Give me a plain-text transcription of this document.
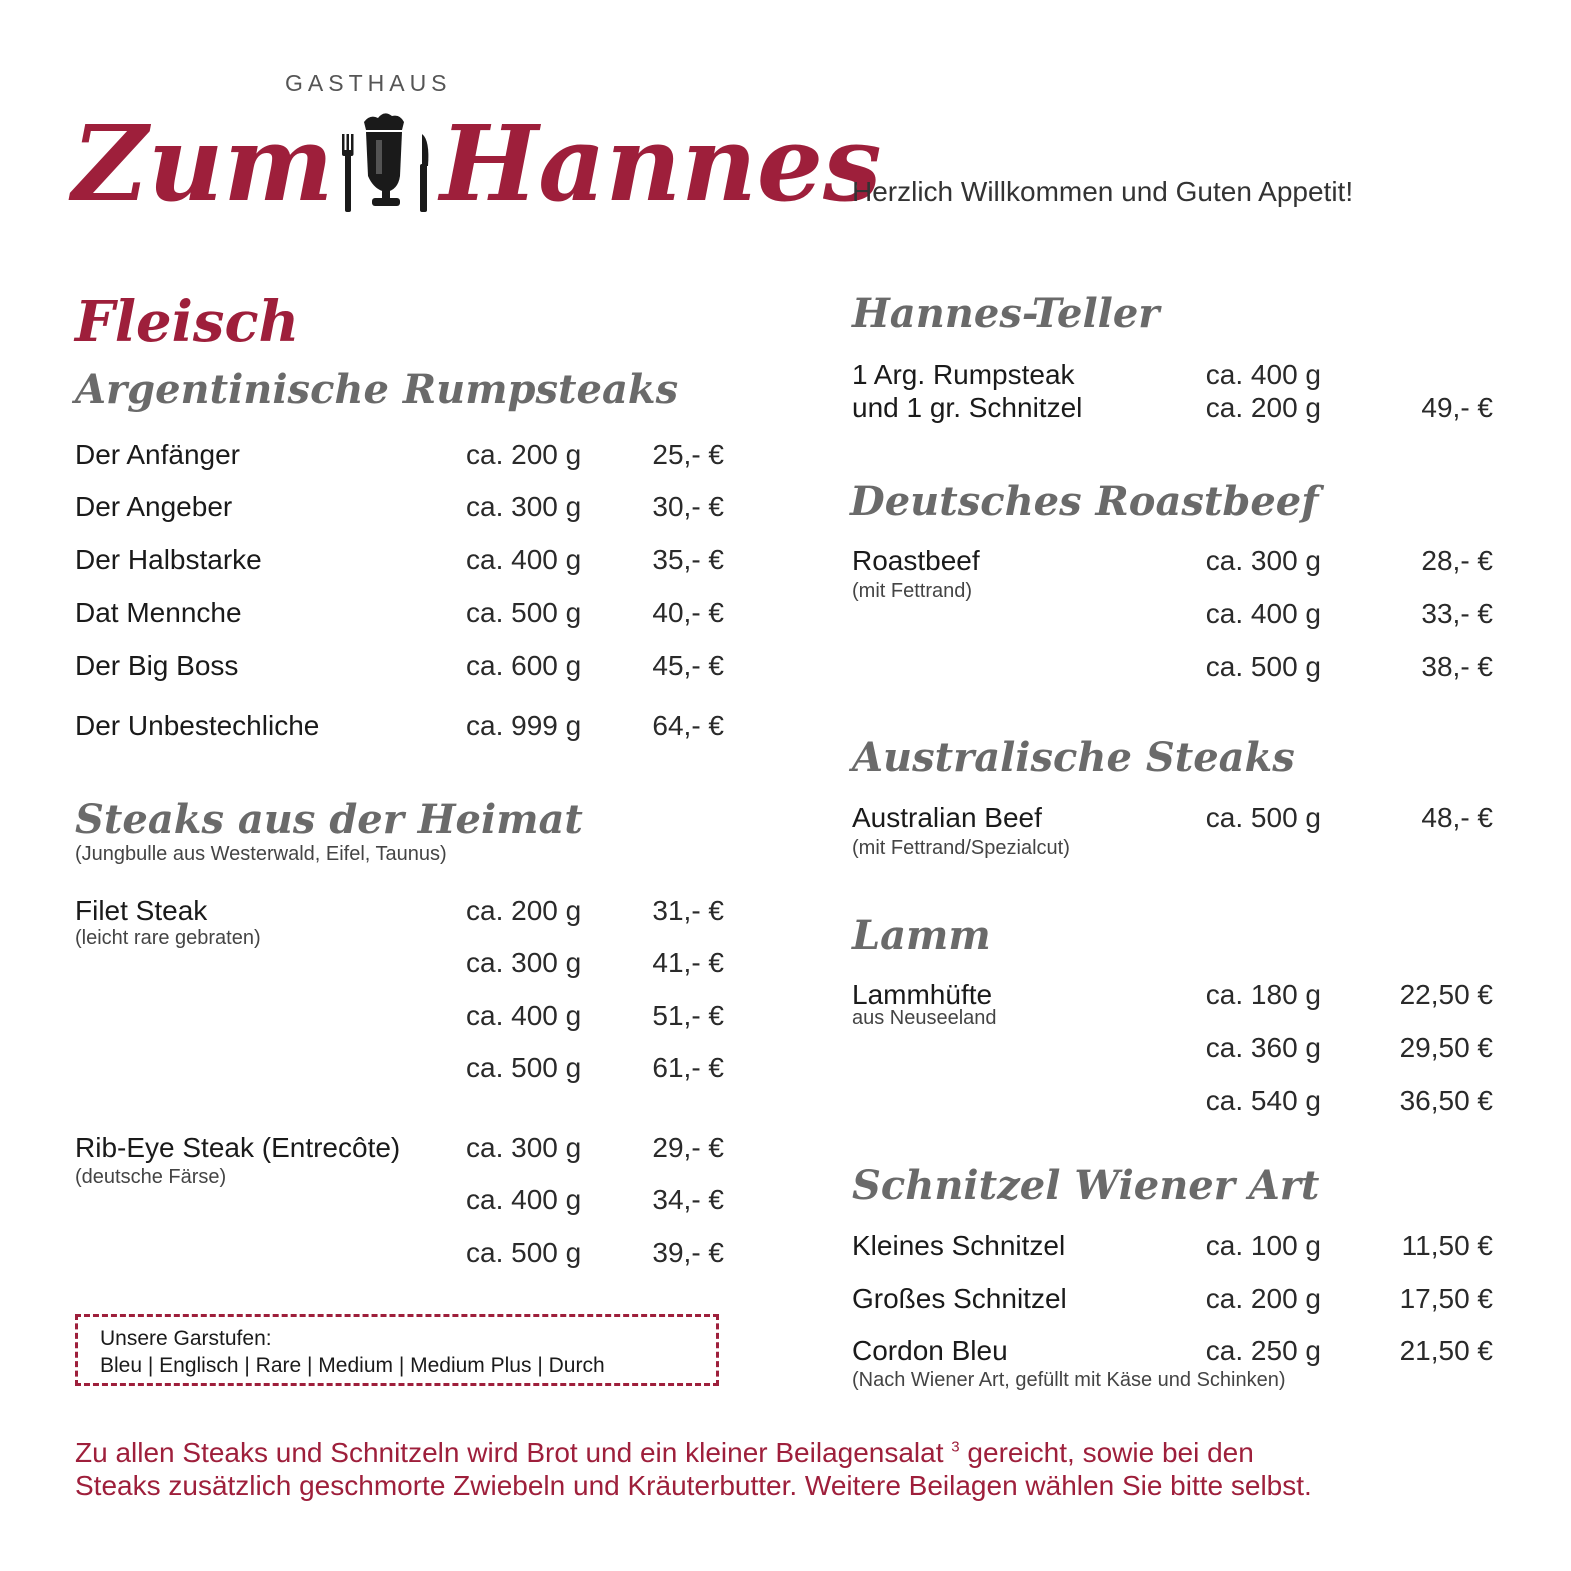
GASTHAUS
Zum Hannes
Herzlich Willkommen und Guten Appetit!
Fleisch
Argentinische Rumpsteaks
Der Anfänger	ca. 200 g	25,- €
Der Angeber	ca. 300 g	30,- €
Der Halbstarke	ca. 400 g	35,- €
Dat Mennche	ca. 500 g	40,- €
Der Big Boss	ca. 600 g	45,- €
Der Unbestechliche	ca. 999 g	64,- €
Steaks aus der Heimat
(Jungbulle aus Westerwald, Eifel, Taunus)
Filet Steak
(leicht rare gebraten)
ca. 200 g	31,- €
ca. 300 g	41,- €
ca. 400 g	51,- €
ca. 500 g	61,- €
Rib-Eye Steak (Entrecôte)
(deutsche Färse)
ca. 300 g	29,- €
ca. 400 g	34,- €
ca. 500 g	39,- €
Unsere Garstufen:
Bleu | Englisch | Rare | Medium | Medium Plus | Durch
Hannes-Teller
1 Arg. Rumpsteak	ca. 400 g
und 1 gr. Schnitzel	ca. 200 g	49,- €
Deutsches Roastbeef
Roastbeef
(mit Fettrand)
ca. 300 g	28,- €
ca. 400 g	33,- €
ca. 500 g	38,- €
Australische Steaks
Australian Beef
(mit Fettrand/Spezialcut)
ca. 500 g	48,- €
Lamm
Lammhüfte
aus Neuseeland
ca. 180 g	22,50 €
ca. 360 g	29,50 €
ca. 540 g	36,50 €
Schnitzel Wiener Art
Kleines Schnitzel	ca. 100 g	11,50 €
Großes Schnitzel	ca. 200 g	17,50 €
Cordon Bleu	ca. 250 g	21,50 €
(Nach Wiener Art, gefüllt mit Käse und Schinken)
Zu allen Steaks und Schnitzeln wird Brot und ein kleiner Beilagensalat $^3$ gereicht, sowie bei den
Steaks zusätzlich geschmorte Zwiebeln und Kräuterbutter. Weitere Beilagen wählen Sie bitte selbst.
